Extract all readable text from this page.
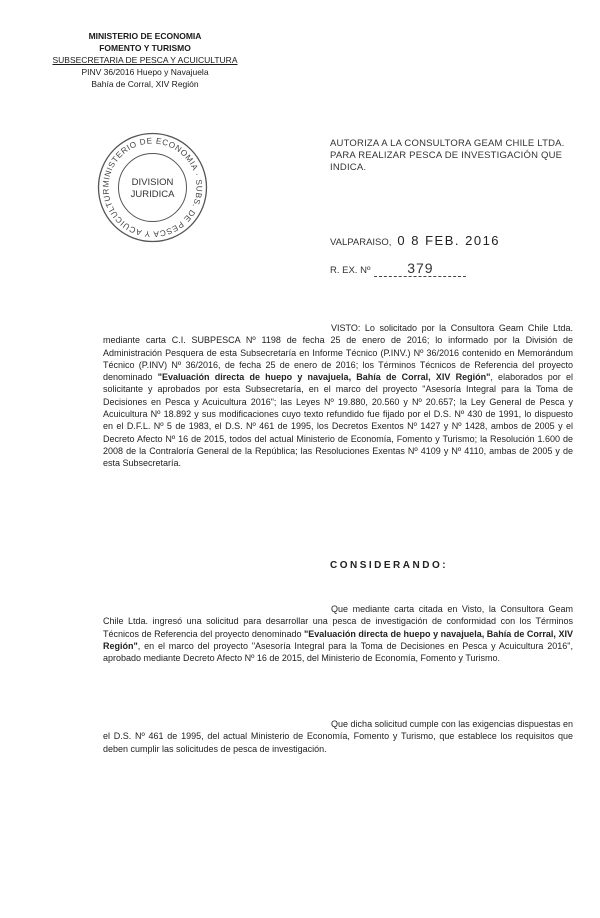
MINISTERIO DE ECONOMIA
FOMENTO Y TURISMO
SUBSECRETARIA DE PESCA Y ACUICULTURA
PINV 36/2016 Huepo y Navajuela
Bahía de Corral, XIV Región
MINISTERIO DE ECONOMIA · SUBS. DE PESCA Y ACUICULTUR
DIVISION
JURIDICA
AUTORIZA A LA CONSULTORA GEAM CHILE LTDA. PARA REALIZAR PESCA DE INVESTIGACIÓN QUE INDICA.
VALPARAISO, 0 8 FEB. 2016
R. EX. Nº	379
VISTO: Lo solicitado por la Consultora Geam Chile Ltda. mediante carta C.I. SUBPESCA Nº 1198 de fecha 25 de enero de 2016; lo informado por la División de Administración Pesquera de esta Subsecretaría en Informe Técnico (P.INV.) Nº 36/2016 contenido en Memorándum Técnico (P.INV) Nº 36/2016, de fecha 25 de enero de 2016; los Términos Técnicos de Referencia del proyecto denominado "Evaluación directa de huepo y navajuela, Bahía de Corral, XIV Región", elaborados por el solicitante y aprobados por esta Subsecretaría, en el marco del proyecto "Asesoría Integral para la Toma de Decisiones en Pesca y Acuicultura 2016"; las Leyes Nº 19.880, 20.560 y Nº 20.657; la Ley General de Pesca y Acuicultura Nº 18.892 y sus modificaciones cuyo texto refundido fue fijado por el D.S. Nº 430 de 1991, lo dispuesto en el D.F.L. Nº 5 de 1983, el D.S. Nº 461 de 1995, los Decretos Exentos Nº 1427 y Nº 1428, ambos de 2005 y el Decreto Afecto Nº 16 de 2015, todos del actual Ministerio de Economía, Fomento y Turismo; la Resolución 1.600 de 2008 de la Contraloría General de la República; las Resoluciones Exentas Nº 4109 y Nº 4110, ambas de 2005 y de esta Subsecretaría.
CONSIDERANDO:
Que mediante carta citada en Visto, la Consultora Geam Chile Ltda. ingresó una solicitud para desarrollar una pesca de investigación de conformidad con los Términos Técnicos de Referencia del proyecto denominado "Evaluación directa de huepo y navajuela, Bahía de Corral, XIV Región", en el marco del proyecto "Asesoría Integral para la Toma de Decisiones en Pesca y Acuicultura 2016", aprobado mediante Decreto Afecto Nº 16 de 2015, del Ministerio de Economía, Fomento y Turismo.
Que dicha solicitud cumple con las exigencias dispuestas en el D.S. Nº 461 de 1995, del actual Ministerio de Economía, Fomento y Turismo, que establece los requisitos que deben cumplir las solicitudes de pesca de investigación.
